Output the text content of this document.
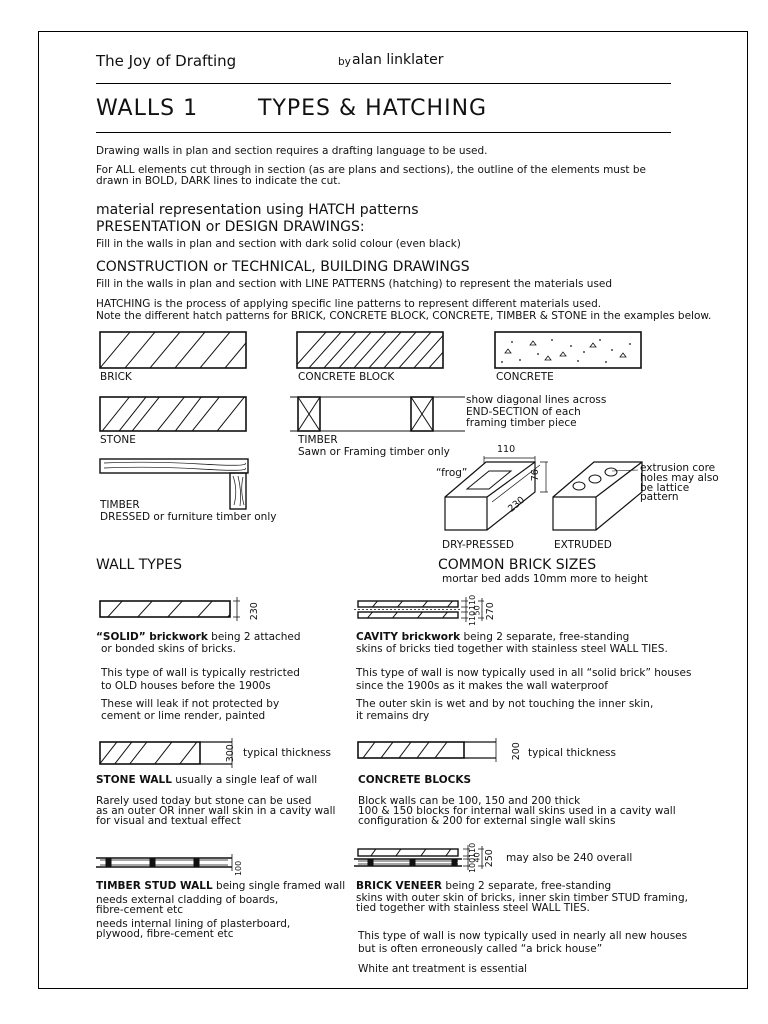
The Joy of Drafting	by alan linklater
WALLS 1	TYPES & HATCHING
Drawing walls in plan and section requires a drafting language to be used.
For ALL elements cut through in section (as are plans and sections), the outline of the elements must be
drawn in BOLD, DARK lines to indicate the cut.
material representation using HATCH patterns
PRESENTATION or DESIGN DRAWINGS:
Fill in the walls in plan and section with dark solid colour (even black)
CONSTRUCTION or TECHNICAL, BUILDING DRAWINGS
Fill in the walls in plan and section with LINE PATTERNS (hatching) to represent the materials used
HATCHING is the process of applying specific line patterns to represent different materials used.
Note the different hatch patterns for BRICK, CONCRETE BLOCK, CONCRETE, TIMBER & STONE in the examples below.
BRICK	CONCRETE BLOCK	CONCRETE
STONE	TIMBER
Sawn or Framing timber only
show diagonal lines across
END-SECTION of each
framing timber piece
TIMBER
DRESSED or furniture timber only
110
76
230
“frog”	extrusion core
holes may also
be lattice
pattern
DRY-PRESSED	EXTRUDED
WALL TYPES	COMMON BRICK SIZES
mortar bed adds 10mm more to height
230
“SOLID” brickwork being 2 attached
or bonded skins of bricks.
This type of wall is typically restricted
to OLD houses before the 1900s
These will leak if not protected by
cement or lime render, painted
110
50
110 270
CAVITY brickwork being 2 separate, free-standing
skins of bricks tied together with stainless steel WALL TIES.
This type of wall is now typically used in all “solid brick” houses
since the 1900s as it makes the wall waterproof
The outer skin is wet and by not touching the inner skin,
it remains dry
300 typical thickness
STONE WALL usually a single leaf of wall
Rarely used today but stone can be used
as an outer OR inner wall skin in a cavity wall
for visual and textual effect
200 typical thickness
CONCRETE BLOCKS
Block walls can be 100, 150 and 200 thick
100 & 150 blocks for internal wall skins used in a cavity wall
configuration & 200 for external single wall skins
100
TIMBER STUD WALL being single framed wall
needs external cladding of boards,
fibre-cement etc
needs internal lining of plasterboard,
plywood, fibre-cement etc
110
40
100 250 may also be 240 overall
BRICK VENEER being 2 separate, free-standing
skins with outer skin of bricks, inner skin timber STUD framing,
tied together with stainless steel WALL TIES.
This type of wall is now typically used in nearly all new houses
but is often erroneously called “a brick house”
White ant treatment is essential
